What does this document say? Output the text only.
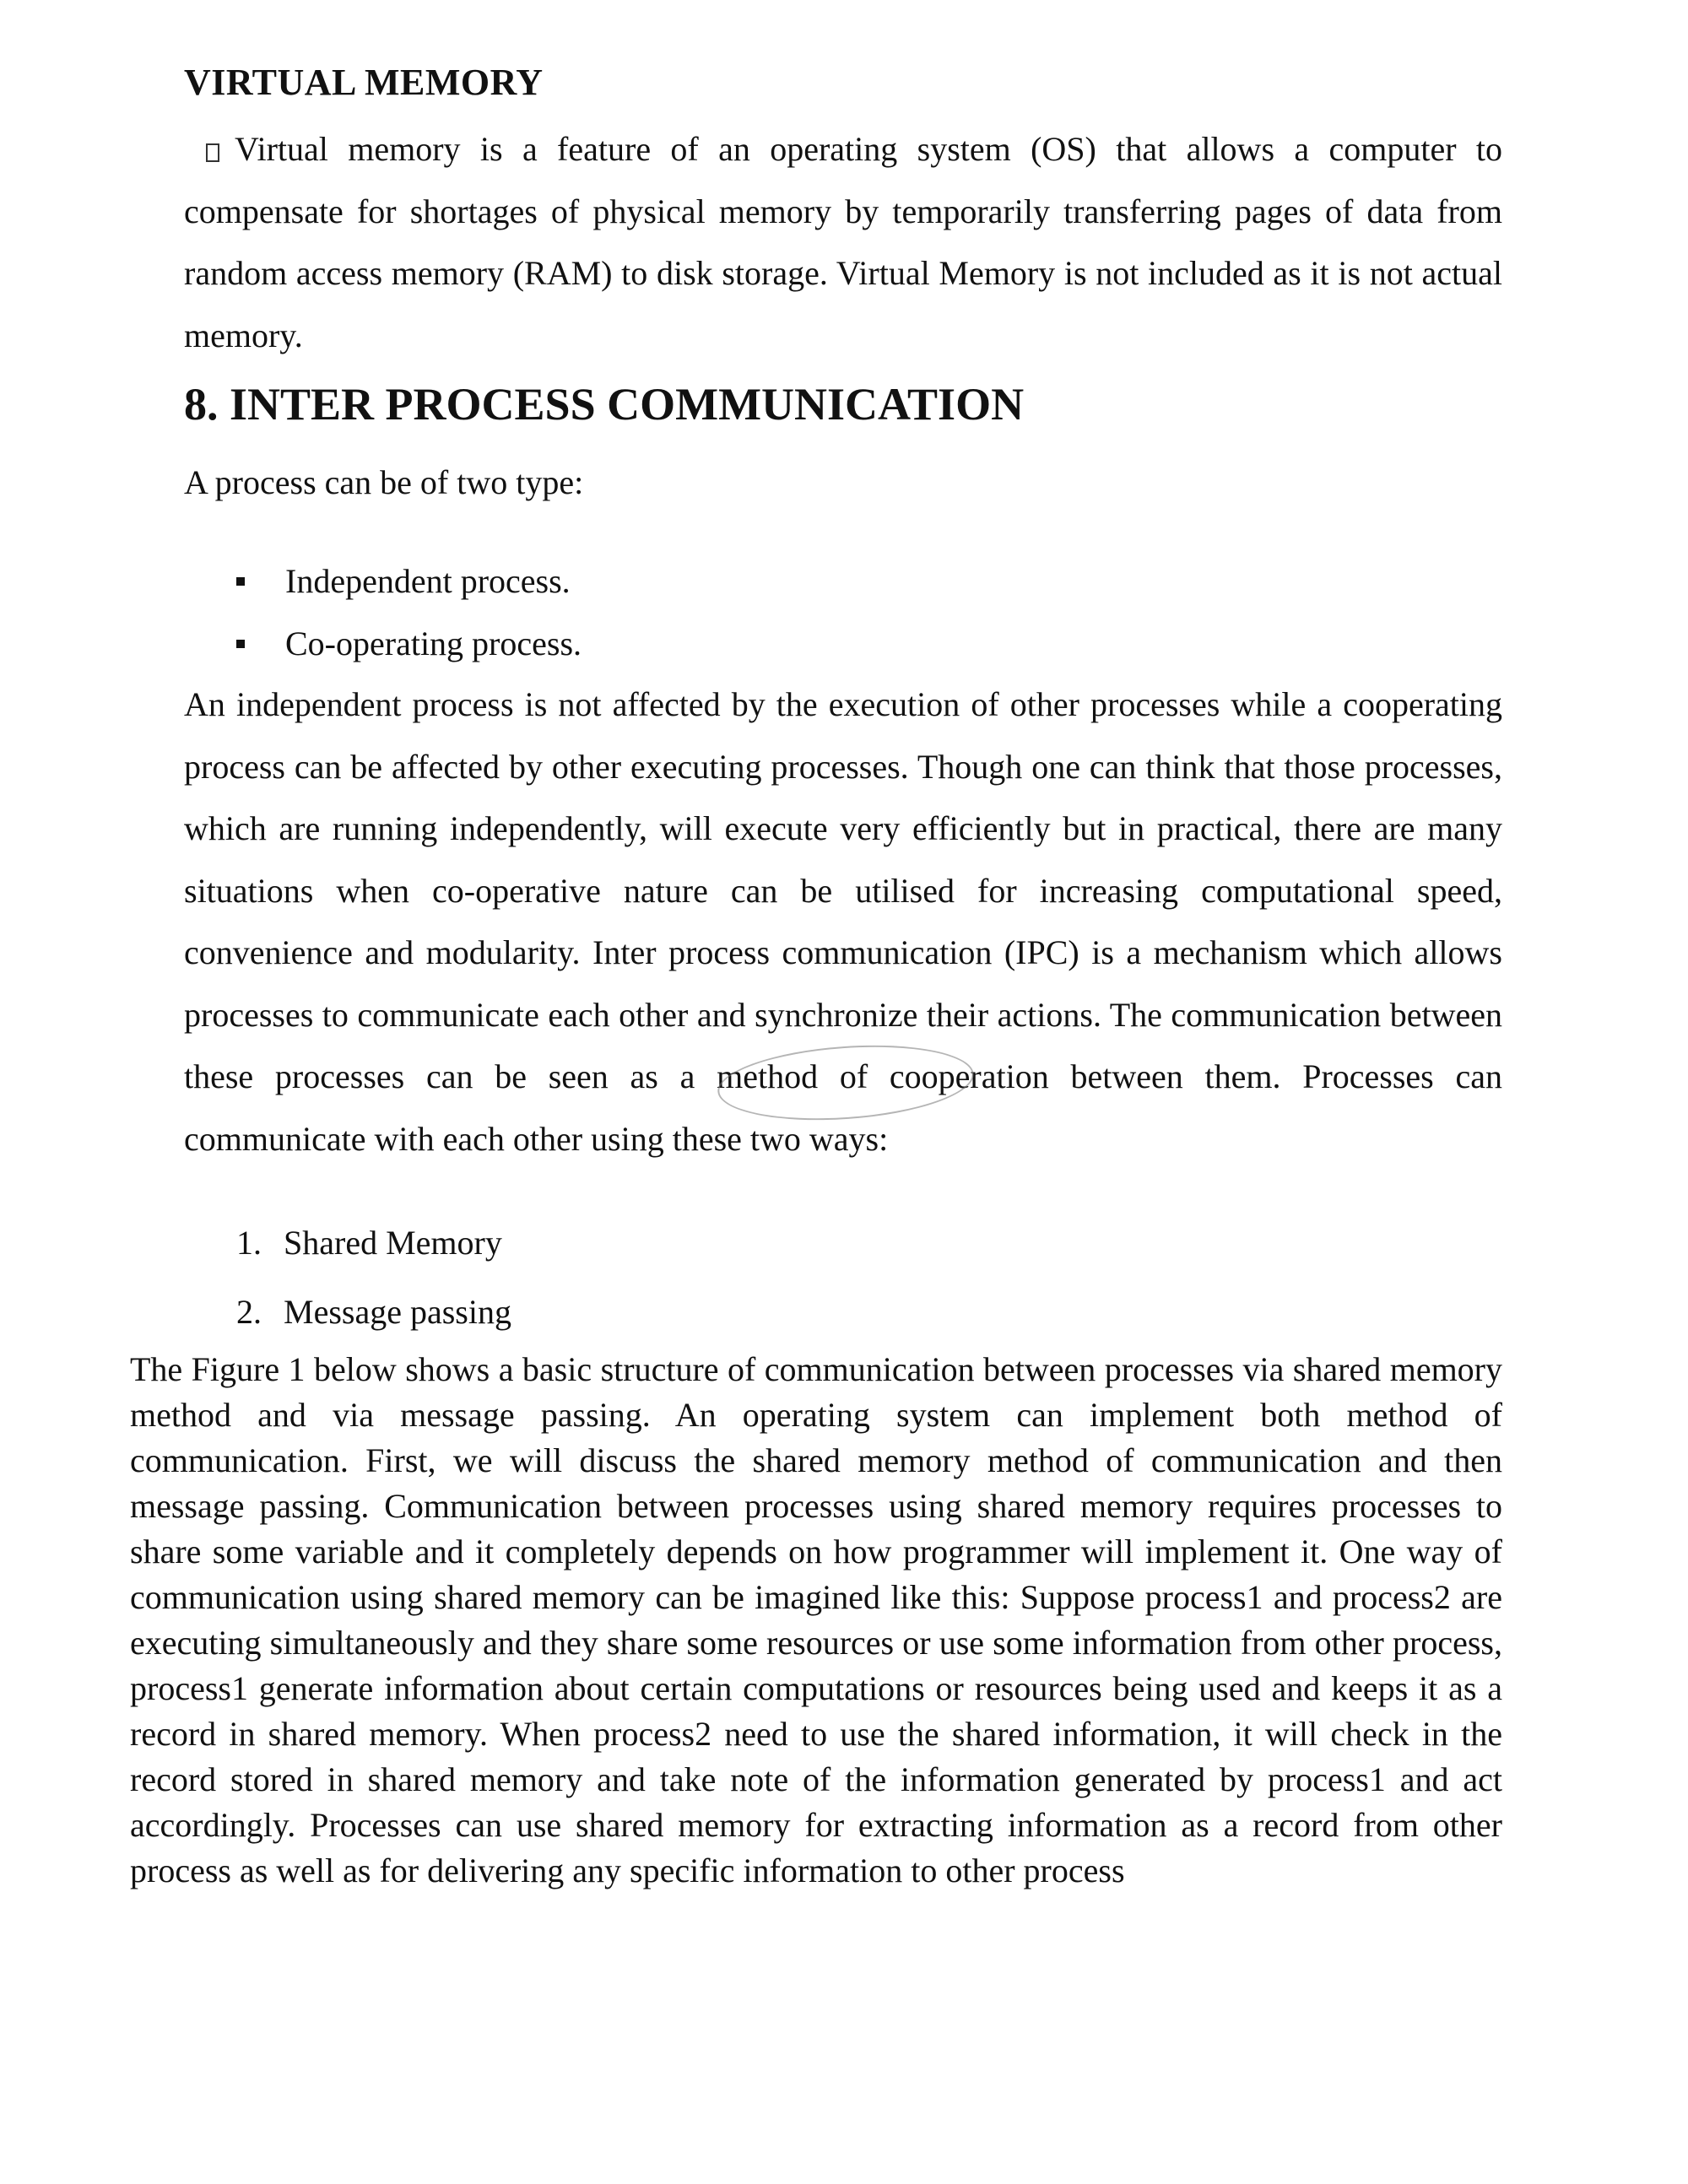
VIRTUAL MEMORY

Virtual memory is a feature of an operating system (OS) that allows a computer to compensate for shortages of physical memory by temporarily transferring pages of data from random access memory (RAM) to disk storage. Virtual Memory is not included as it is not actual memory.

8. INTER PROCESS COMMUNICATION

A process can be of two type:

Independent process.
Co-operating process.

An independent process is not affected by the execution of other processes while a cooperating process can be affected by other executing processes. Though one can think that those processes, which are running independently, will execute very efficiently but in practical, there are many situations when co-operative nature can be utilised for increasing computational speed, convenience and modularity. Inter process communication (IPC) is a mechanism which allows processes to communicate each other and synchronize their actions. The communication between these processes can be seen as a method of cooperation between them. Processes can communicate with each other using these two ways:

1. Shared Memory
2. Message passing

The Figure 1 below shows a basic structure of communication between processes via shared memory method and via message passing. An operating system can implement both method of communication. First, we will discuss the shared memory method of communication and then message passing. Communication between processes using shared memory requires processes to share some variable and it completely depends on how programmer will implement it. One way of communication using shared memory can be imagined like this: Suppose process1 and process2 are executing simultaneously and they share some resources or use some information from other process, process1 generate information about certain computations or resources being used and keeps it as a record in shared memory. When process2 need to use the shared information, it will check in the record stored in shared memory and take note of the information generated by process1 and act accordingly. Processes can use shared memory for extracting information as a record from other process as well as for delivering any specific information to other process
